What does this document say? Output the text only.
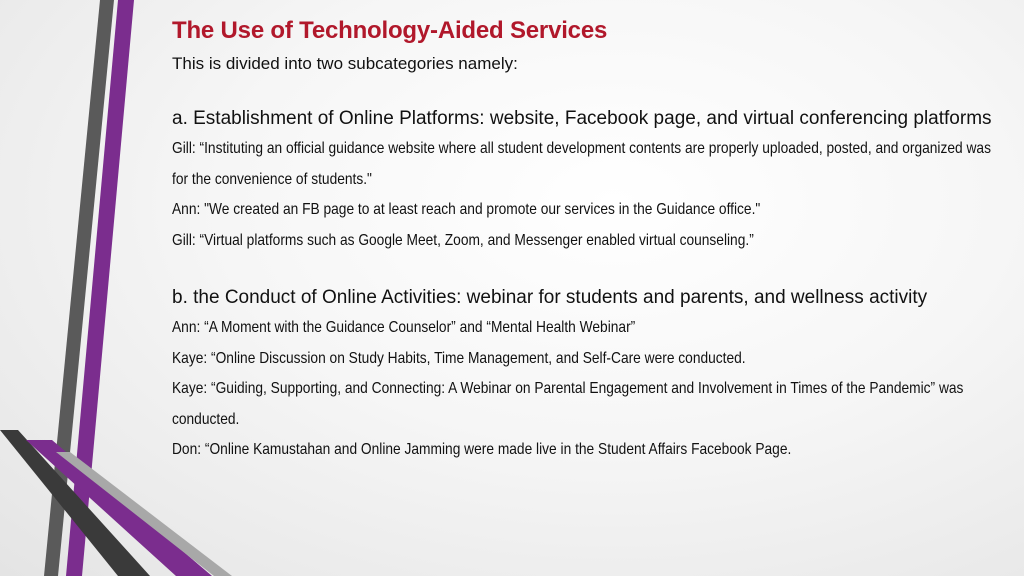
The Use of Technology-Aided Services

This is divided into two subcategories namely:

a. Establishment of Online Platforms: website, Facebook page, and virtual conferencing platforms

Gill: “Instituting an official guidance website where all student development contents are properly uploaded, posted, and organized was for the convenience of students."

Ann: "We created an FB page to at least reach and promote our services in the Guidance office."

Gill: “Virtual platforms such as Google Meet, Zoom, and Messenger enabled virtual counseling.”

b. the Conduct of Online Activities: webinar for students and parents, and wellness activity

Ann: “A Moment with the Guidance Counselor” and “Mental Health Webinar”

Kaye: “Online Discussion on Study Habits, Time Management, and Self-Care were conducted.

Kaye: “Guiding, Supporting, and Connecting: A Webinar on Parental Engagement and Involvement in Times of the Pandemic” was conducted.

Don: “Online Kamustahan and Online Jamming were made live in the Student Affairs Facebook Page.
